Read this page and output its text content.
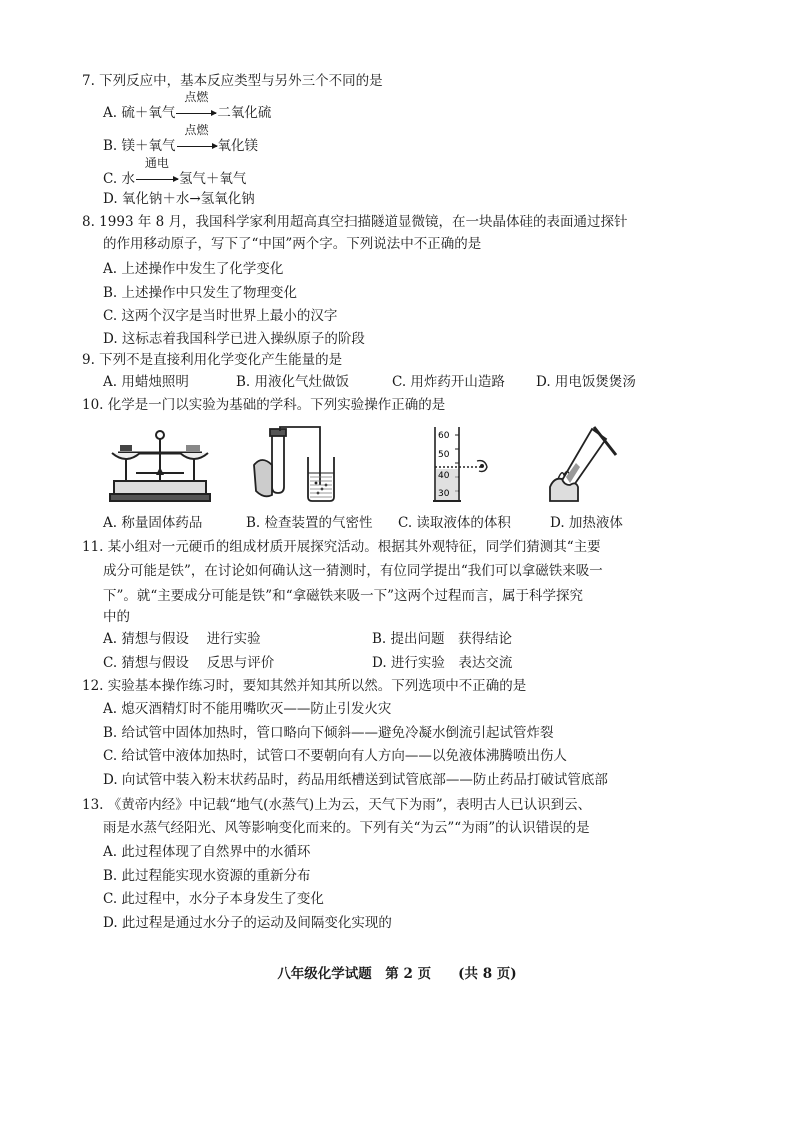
7. 下列反应中，基本反应类型与另外三个不同的是
A. 硫＋氧气
点燃
二氧化硫
B. 镁＋氧气
点燃
氧化镁
C. 水
通电
氢气＋氧气
D. 氧化钠＋水→氢氧化钠
8. 1993 年 8 月，我国科学家利用超高真空扫描隧道显微镜，在一块晶体硅的表面通过探针
的作用移动原子，写下了“中国”两个字。下列说法中不正确的是
A. 上述操作中发生了化学变化
B. 上述操作中只发生了物理变化
C. 这两个汉字是当时世界上最小的汉字
D. 这标志着我国科学已进入操纵原子的阶段
9. 下列不是直接利用化学变化产生能量的是
A. 用蜡烛照明	B. 用液化气灶做饭	C. 用炸药开山造路 D. 用电饭煲煲汤
10. 化学是一门以实验为基础的学科。下列实验操作正确的是
60
50
40
30
A. 称量固体药品	B. 检查装置的气密性 C. 读取液体的体积	D. 加热液体
11. 某小组对一元硬币的组成材质开展探究活动。根据其外观特征，同学们猜测其“主要
成分可能是铁”，在讨论如何确认这一猜测时，有位同学提出“我们可以拿磁铁来吸一
下”。就“主要成分可能是铁”和“拿磁铁来吸一下”这两个过程而言，属于科学探究
中的
A. 猜想与假设　 进行实验	B. 提出问题　获得结论
C. 猜想与假设　 反思与评价	D. 进行实验　表达交流
12. 实验基本操作练习时，要知其然并知其所以然。下列选项中不正确的是
A. 熄灭酒精灯时不能用嘴吹灭——防止引发火灾
B. 给试管中固体加热时，管口略向下倾斜——避免冷凝水倒流引起试管炸裂
C. 给试管中液体加热时，试管口不要朝向有人方向——以免液体沸腾喷出伤人
D. 向试管中装入粉末状药品时，药品用纸槽送到试管底部——防止药品打破试管底部
13. 《黄帝内经》中记载“地气(水蒸气)上为云，天气下为雨”，表明古人已认识到云、
雨是水蒸气经阳光、风等影响变化而来的。下列有关“为云”“为雨”的认识错误的是
A. 此过程体现了自然界中的水循环
B. 此过程能实现水资源的重新分布
C. 此过程中，水分子本身发生了变化
D. 此过程是通过水分子的运动及间隔变化实现的
八年级化学试题　第 2 页　　(共 8 页)
